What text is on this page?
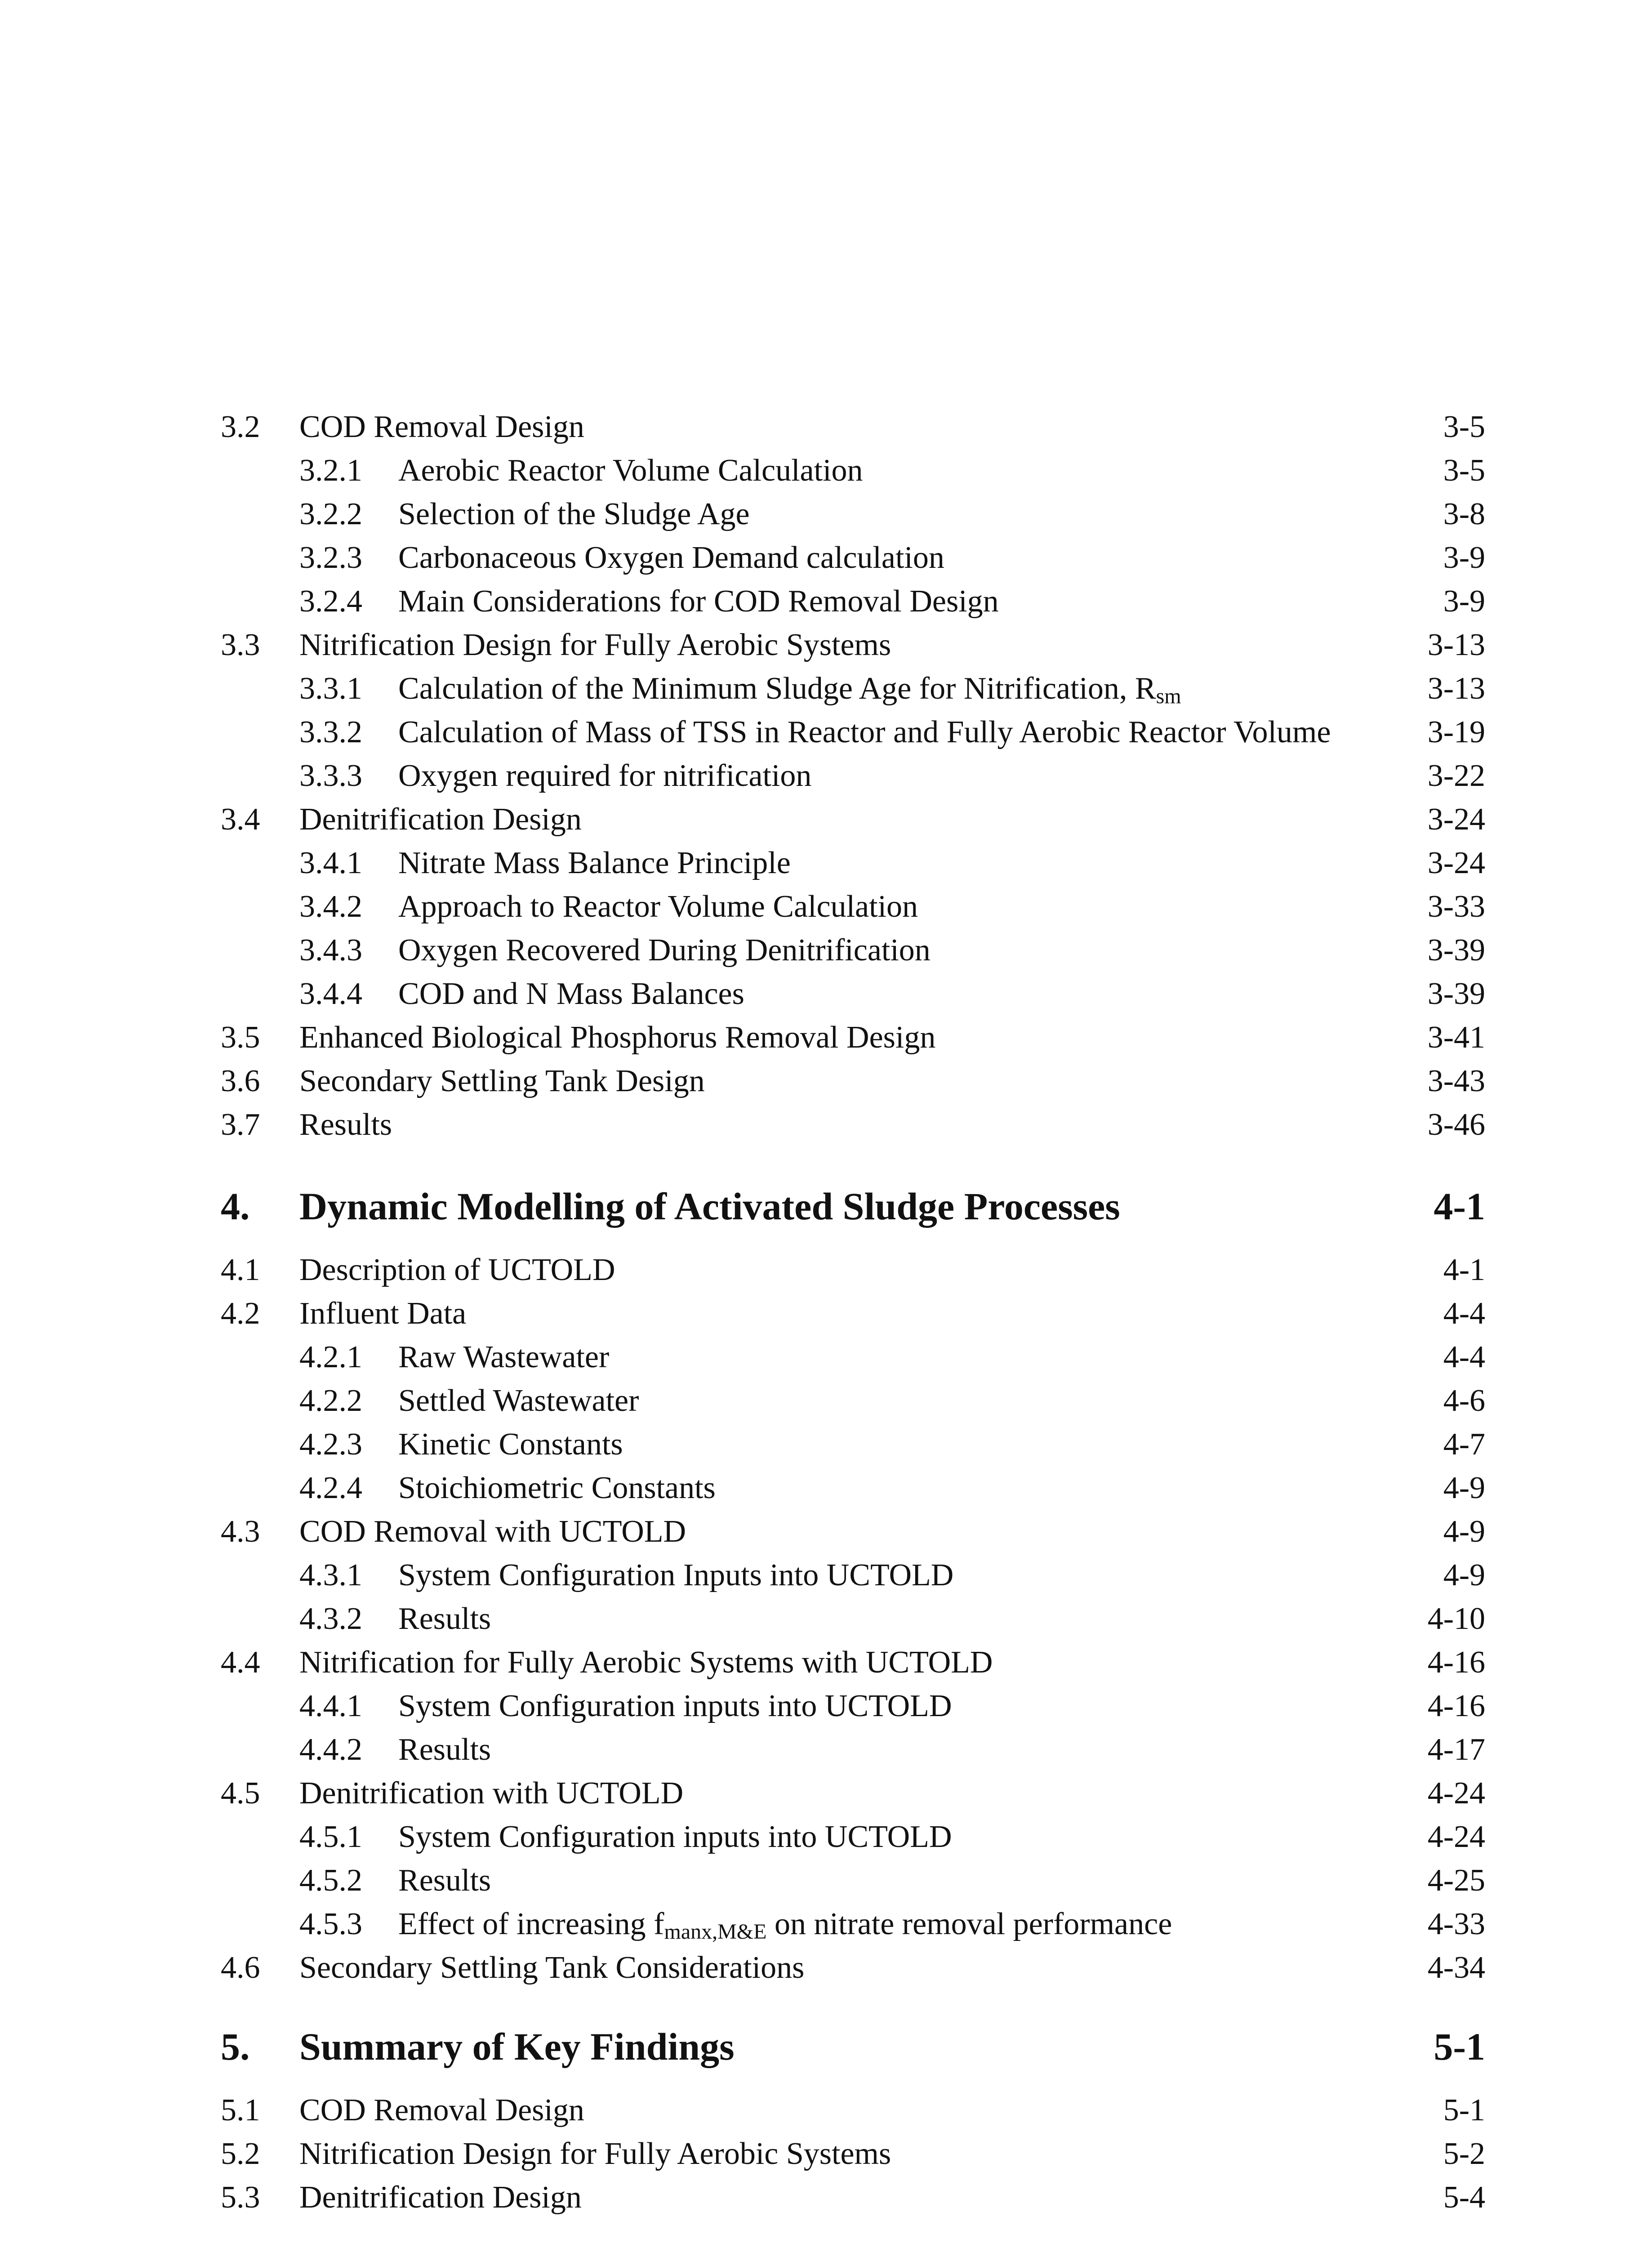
3.2 COD Removal Design	3-5
3.2.1 Aerobic Reactor Volume Calculation	3-5
3.2.2 Selection of the Sludge Age	3-8
3.2.3 Carbonaceous Oxygen Demand calculation	3-9
3.2.4 Main Considerations for COD Removal Design	3-9
3.3 Nitrification Design for Fully Aerobic Systems	3-13
3.3.1 Calculation of the Minimum Sludge Age for Nitrification, Rsm	3-13
3.3.2 Calculation of Mass of TSS in Reactor and Fully Aerobic Reactor Volume	3-19
3.3.3 Oxygen required for nitrification	3-22
3.4 Denitrification Design	3-24
3.4.1 Nitrate Mass Balance Principle	3-24
3.4.2 Approach to Reactor Volume Calculation	3-33
3.4.3 Oxygen Recovered During Denitrification	3-39
3.4.4 COD and N Mass Balances	3-39
3.5 Enhanced Biological Phosphorus Removal Design	3-41
3.6 Secondary Settling Tank Design	3-43
3.7 Results	3-46
4. Dynamic Modelling of Activated Sludge Processes	4-1
4.1 Description of UCTOLD	4-1
4.2 Influent Data	4-4
4.2.1 Raw Wastewater	4-4
4.2.2 Settled Wastewater	4-6
4.2.3 Kinetic Constants	4-7
4.2.4 Stoichiometric Constants	4-9
4.3 COD Removal with UCTOLD	4-9
4.3.1 System Configuration Inputs into UCTOLD	4-9
4.3.2 Results	4-10
4.4 Nitrification for Fully Aerobic Systems with UCTOLD	4-16
4.4.1 System Configuration inputs into UCTOLD	4-16
4.4.2 Results	4-17
4.5 Denitrification with UCTOLD	4-24
4.5.1 System Configuration inputs into UCTOLD	4-24
4.5.2 Results	4-25
4.5.3 Effect of increasing fmanx,M&E on nitrate removal performance	4-33
4.6 Secondary Settling Tank Considerations	4-34
5. Summary of Key Findings	5-1
5.1 COD Removal Design	5-1
5.2 Nitrification Design for Fully Aerobic Systems	5-2
5.3 Denitrification Design	5-4
